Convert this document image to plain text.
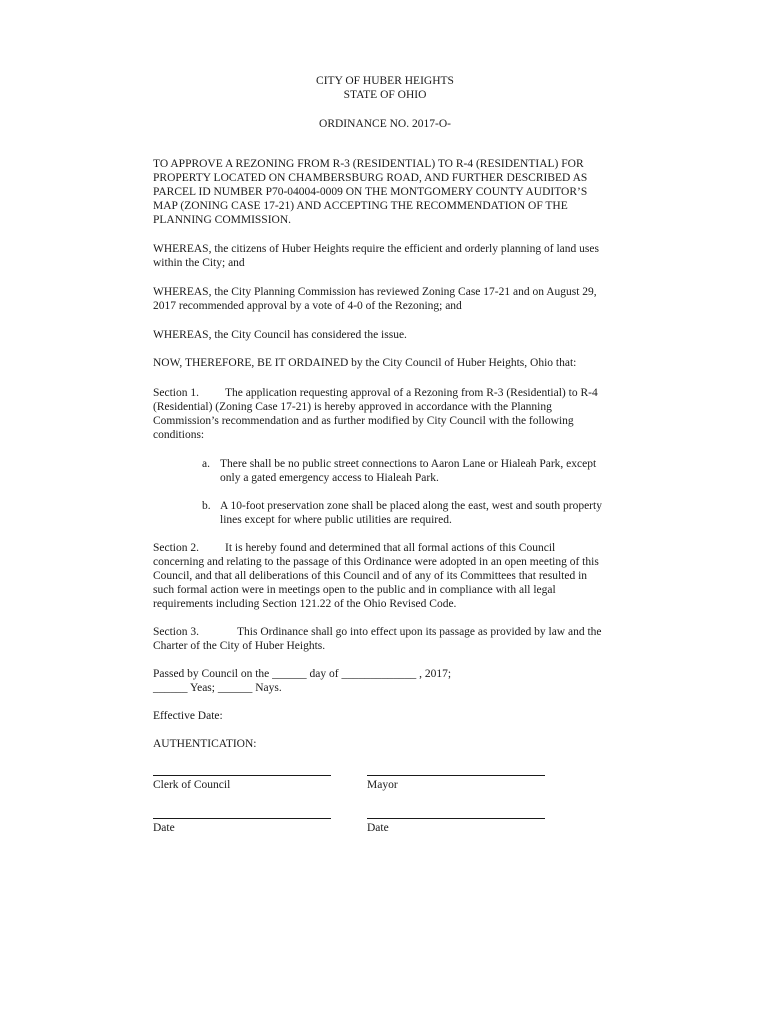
CITY OF HUBER HEIGHTS
STATE OF OHIO
ORDINANCE NO. 2017-O-
TO APPROVE A REZONING FROM R-3 (RESIDENTIAL) TO R-4 (RESIDENTIAL) FOR
PROPERTY LOCATED ON CHAMBERSBURG ROAD, AND FURTHER DESCRIBED AS
PARCEL ID NUMBER P70-04004-0009 ON THE MONTGOMERY COUNTY AUDITOR’S
MAP (ZONING CASE 17-21) AND ACCEPTING THE RECOMMENDATION OF THE
PLANNING COMMISSION.
WHEREAS, the citizens of Huber Heights require the efficient and orderly planning of land uses
within the City; and
WHEREAS, the City Planning Commission has reviewed Zoning Case 17-21 and on August 29,
2017 recommended approval by a vote of 4-0 of the Rezoning; and
WHEREAS, the City Council has considered the issue.
NOW, THEREFORE, BE IT ORDAINED by the City Council of Huber Heights, Ohio that:
Section 1. The application requesting approval of a Rezoning from R-3 (Residential) to R-4
(Residential) (Zoning Case 17-21) is hereby approved in accordance with the Planning
Commission’s recommendation and as further modified by City Council with the following
conditions:
a. There shall be no public street connections to Aaron Lane or Hialeah Park, except
only a gated emergency access to Hialeah Park.
b. A 10-foot preservation zone shall be placed along the east, west and south property
lines except for where public utilities are required.
Section 2. It is hereby found and determined that all formal actions of this Council
concerning and relating to the passage of this Ordinance were adopted in an open meeting of this
Council, and that all deliberations of this Council and of any of its Committees that resulted in
such formal action were in meetings open to the public and in compliance with all legal
requirements including Section 121.22 of the Ohio Revised Code.
Section 3.	This Ordinance shall go into effect upon its passage as provided by law and the
Charter of the City of Huber Heights.
Passed by Council on the ______ day of _____________ , 2017;
______ Yeas; ______ Nays.
Effective Date:
AUTHENTICATION:
Clerk of Council	Mayor
Date	Date
